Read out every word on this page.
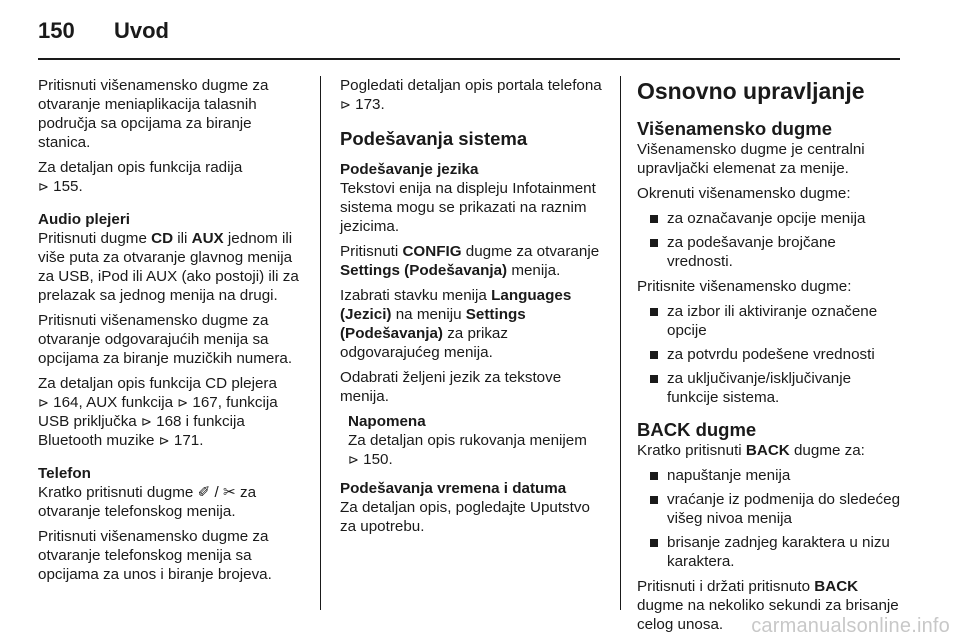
150	Uvod

Pritisnuti višenamensko dugme za otvaranje meniaplikacija talasnih područja sa opcijama za biranje stanica.

Za detaljan opis funkcija radija
⊳ 155.

Audio plejeri

Pritisnuti dugme CD ili AUX jednom ili više puta za otvaranje glavnog menija za USB, iPod ili AUX (ako postoji) ili za prelazak sa jednog menija na drugi.

Pritisnuti višenamensko dugme za otvaranje odgovarajućih menija sa opcijama za biranje muzičkih numera.

Za detaljan opis funkcija CD plejera
⊳ 164, AUX funkcija ⊳ 167, funkcija USB priključka ⊳ 168 i funkcija Bluetooth muzike ⊳ 171.

Telefon

Kratko pritisnuti dugme ✐ / ✂ za otvaranje telefonskog menija.

Pritisnuti višenamensko dugme za otvaranje telefonskog menija sa opcijama za unos i biranje brojeva.

Pogledati detaljan opis portala telefona ⊳ 173.

Podešavanja sistema
Podešavanje jezika

Tekstovi enija na displeju Infotainment sistema mogu se prikazati na raznim jezicima.

Pritisnuti CONFIG dugme za otvaranje Settings (Podešavanja) menija.

Izabrati stavku menija Languages (Jezici) na meniju Settings (Podešavanja) za prikaz odgovarajućeg menija.

Odabrati željeni jezik za tekstove menija.

Napomena
Za detaljan opis rukovanja menijem
⊳ 150.
Podešavanja vremena i datuma

Za detaljan opis, pogledajte Uputstvo za upotrebu.

Osnovno upravljanje
Višenamensko dugme

Višenamensko dugme je centralni upravljački elemenat za menije.

Okrenuti višenamensko dugme:

za označavanje opcije menija
za podešavanje brojčane vrednosti.

Pritisnite višenamensko dugme:

za izbor ili aktiviranje označene opcije
za potvrdu podešene vrednosti
za uključivanje/isključivanje funkcije sistema.
BACK dugme

Kratko pritisnuti BACK dugme za:

napuštanje menija
vraćanje iz podmenija do sledećeg višeg nivoa menija
brisanje zadnjeg karaktera u nizu karaktera.

Pritisnuti i držati pritisnuto BACK dugme na nekoliko sekundi za brisanje celog unosa.	carmanualsonline.info
